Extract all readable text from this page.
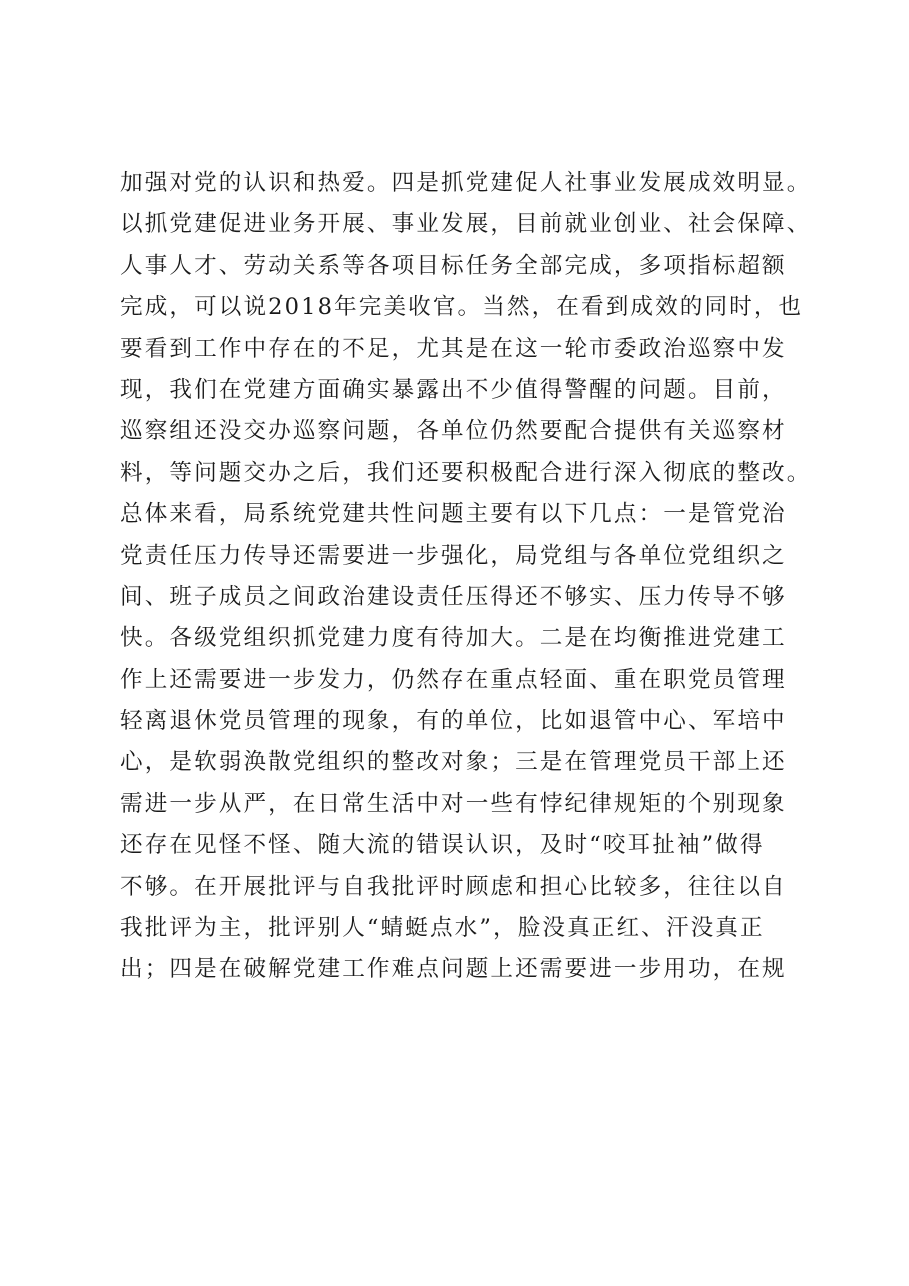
加强对党的认识和热爱。四是抓党建促人社事业发展成效明显。
以抓党建促进业务开展、事业发展，目前就业创业、社会保障、
人事人才、劳动关系等各项目标任务全部完成，多项指标超额
完成，可以说2018年完美收官。当然，在看到成效的同时，也
要看到工作中存在的不足，尤其是在这一轮市委政治巡察中发
现，我们在党建方面确实暴露出不少值得警醒的问题。目前，
巡察组还没交办巡察问题，各单位仍然要配合提供有关巡察材
料，等问题交办之后，我们还要积极配合进行深入彻底的整改。
总体来看，局系统党建共性问题主要有以下几点：一是管党治
党责任压力传导还需要进一步强化，局党组与各单位党组织之
间、班子成员之间政治建设责任压得还不够实、压力传导不够
快。各级党组织抓党建力度有待加大。二是在均衡推进党建工
作上还需要进一步发力，仍然存在重点轻面、重在职党员管理
轻离退休党员管理的现象，有的单位，比如退管中心、军培中
心，是软弱涣散党组织的整改对象；三是在管理党员干部上还
需进一步从严，在日常生活中对一些有悖纪律规矩的个别现象
还存在见怪不怪、随大流的错误认识，及时“咬耳扯袖”做得
不够。在开展批评与自我批评时顾虑和担心比较多，往往以自
我批评为主，批评别人“蜻蜓点水”，脸没真正红、汗没真正
出；四是在破解党建工作难点问题上还需要进一步用功，在规
